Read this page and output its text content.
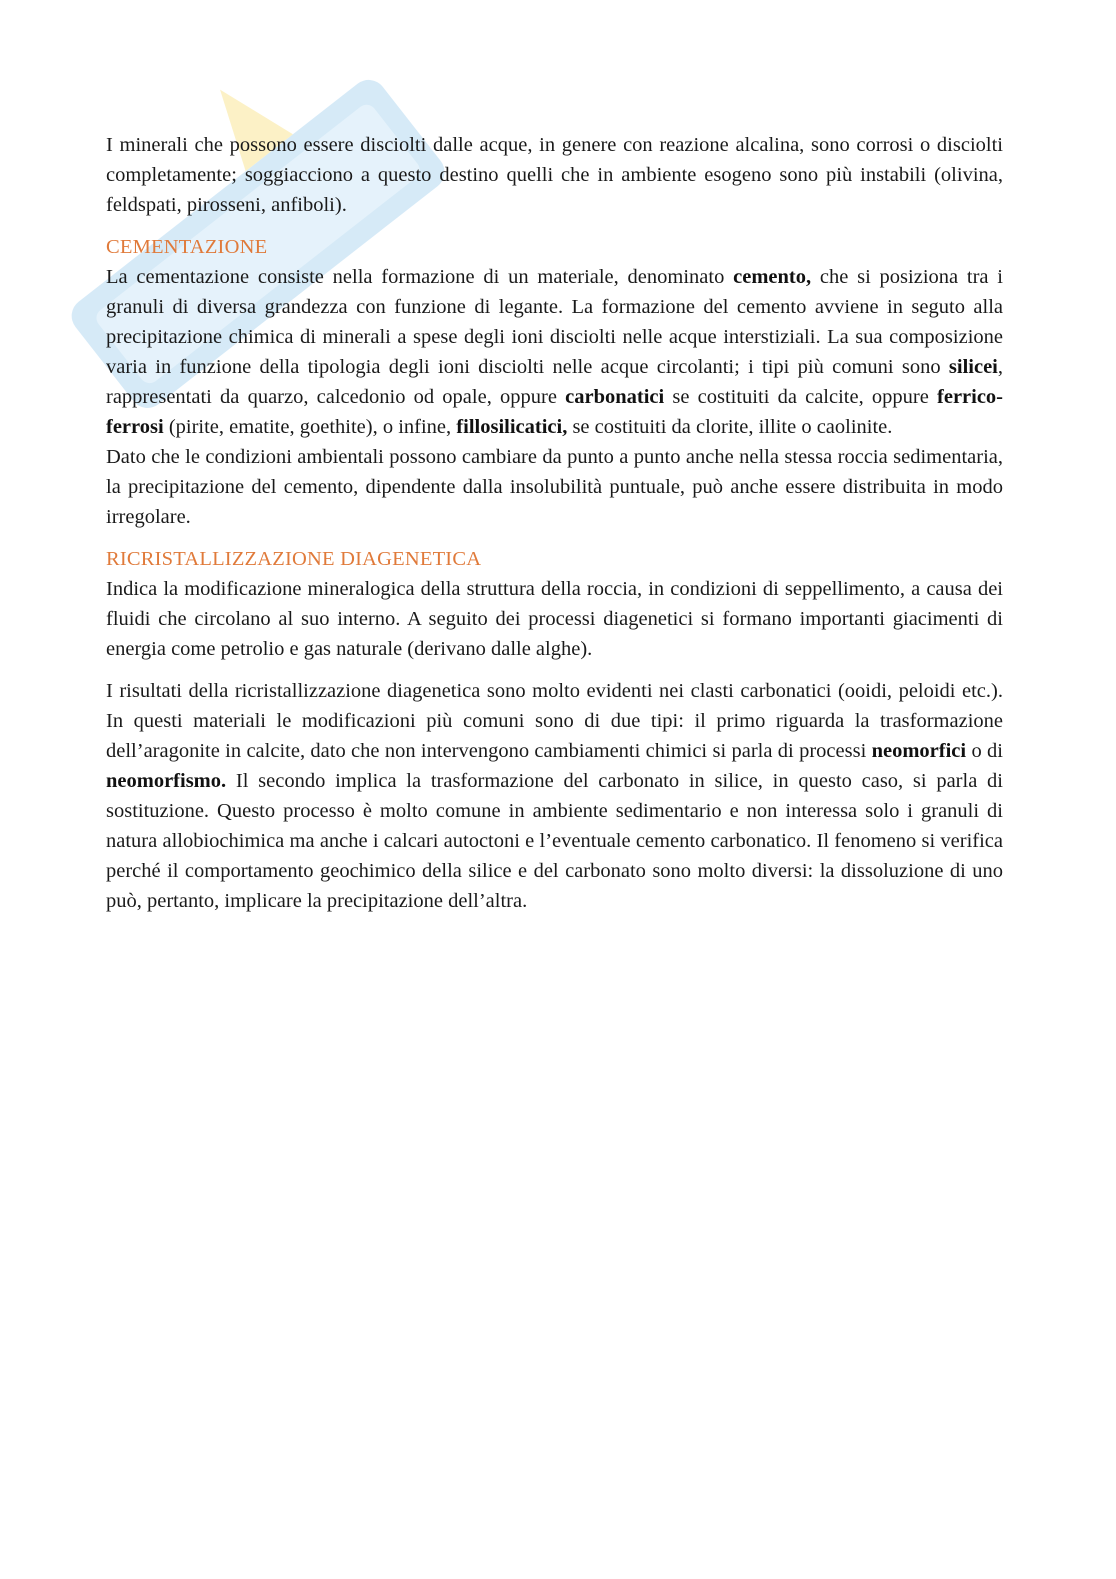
I minerali che possono essere disciolti dalle acque, in genere con reazione alcalina, sono corrosi o disciolti completamente; soggiacciono a questo destino quelli che in ambiente esogeno sono più instabili (olivina, feldspati, pirosseni, anfiboli).

CEMENTAZIONE

La cementazione consiste nella formazione di un materiale, denominato cemento, che si posiziona tra i granuli di diversa grandezza con funzione di legante. La formazione del cemento avviene in seguto alla precipitazione chimica di minerali a spese degli ioni disciolti nelle acque interstiziali. La sua composizione varia in funzione della tipologia degli ioni disciolti nelle acque circolanti; i tipi più comuni sono silicei, rappresentati da quarzo, calcedonio od opale, oppure carbonatici se costituiti da calcite, oppure ferrico-ferrosi (pirite, ematite, goethite), o infine, fillosilicatici, se costituiti da clorite, illite o caolinite.

Dato che le condizioni ambientali possono cambiare da punto a punto anche nella stessa roccia sedimentaria, la precipitazione del cemento, dipendente dalla insolubilità puntuale, può anche essere distribuita in modo irregolare.

RICRISTALLIZZAZIONE DIAGENETICA

Indica la modificazione mineralogica della struttura della roccia, in condizioni di seppellimento, a causa dei fluidi che circolano al suo interno. A seguito dei processi diagenetici si formano importanti giacimenti di energia come petrolio e gas naturale (derivano dalle alghe).

I risultati della ricristallizzazione diagenetica sono molto evidenti nei clasti carbonatici (ooidi, peloidi etc.). In questi materiali le modificazioni più comuni sono di due tipi: il primo riguarda la trasformazione dell’aragonite in calcite, dato che non intervengono cambiamenti chimici si parla di processi neomorfici o di neomorfismo. Il secondo implica la trasformazione del carbonato in silice, in questo caso, si parla di sostituzione. Questo processo è molto comune in ambiente sedimentario e non interessa solo i granuli di natura allobiochimica ma anche i calcari autoctoni e l’eventuale cemento carbonatico. Il fenomeno si verifica perché il comportamento geochimico della silice e del carbonato sono molto diversi: la dissoluzione di uno può, pertanto, implicare la precipitazione dell’altra.
